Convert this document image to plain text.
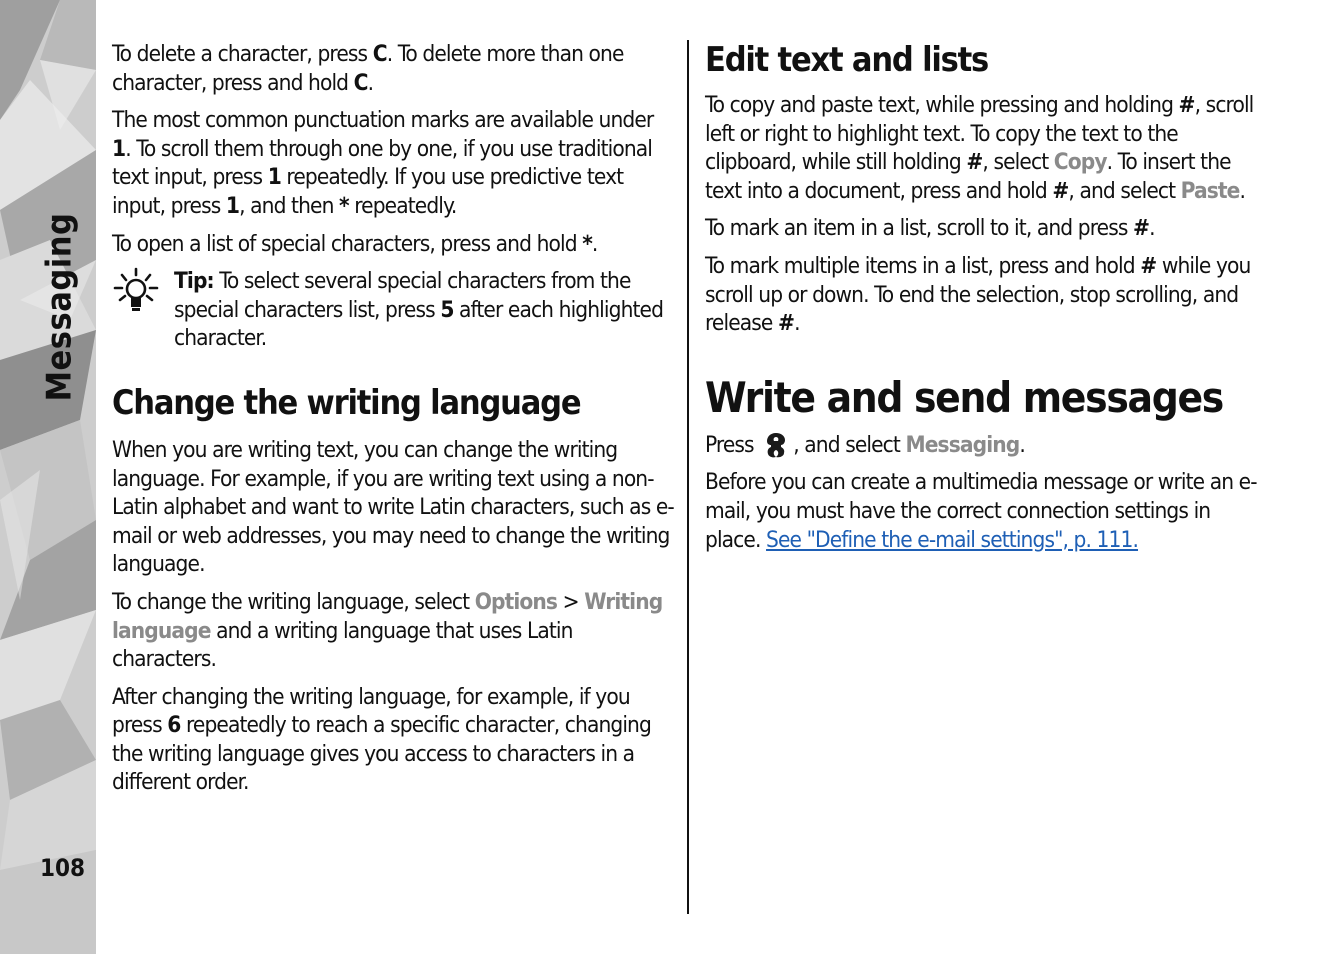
Messaging
108

To delete a character, press C. To delete more than one character, press and hold C.

The most common punctuation marks are available under 1. To scroll them through one by one, if you use traditional text input, press 1 repeatedly. If you use predictive text input, press 1, and then * repeatedly.

To open a list of special characters, press and hold *.

Tip: To select several special characters from the special characters list, press 5 after each highlighted character.

Change the writing language

When you are writing text, you can change the writing language. For example, if you are writing text using a non-Latin alphabet and want to write Latin characters, such as e-mail or web addresses, you may need to change the writing language.

To change the writing language, select Options > Writing language and a writing language that uses Latin characters.

After changing the writing language, for example, if you press 6 repeatedly to reach a specific character, changing the writing language gives you access to characters in a different order.

Edit text and lists

To copy and paste text, while pressing and holding #, scroll left or right to highlight text. To copy the text to the clipboard, while still holding #, select Copy. To insert the text into a document, press and hold #, and select Paste.

To mark an item in a list, scroll to it, and press #.

To mark multiple items in a list, press and hold # while you scroll up or down. To end the selection, stop scrolling, and release #.

Write and send messages

Press , and select Messaging.

Before you can create a multimedia message or write an e-mail, you must have the correct connection settings in place. See "Define the e-mail settings", p. 111.
